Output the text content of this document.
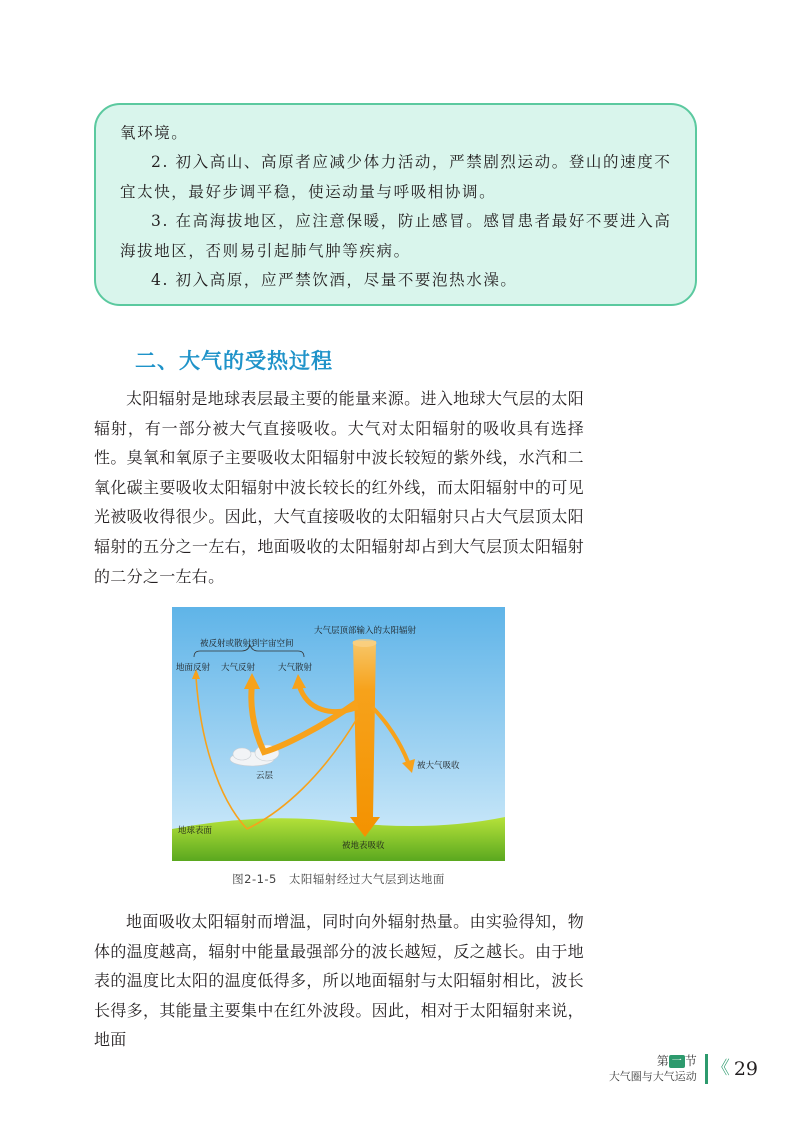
氧环境。

2. 初入高山、高原者应减少体力活动，严禁剧烈运动。登山的速度不宜太快，最好步调平稳，使运动量与呼吸相协调。

3. 在高海拔地区，应注意保暖，防止感冒。感冒患者最好不要进入高海拔地区，否则易引起肺气肿等疾病。

4. 初入高原，应严禁饮酒，尽量不要泡热水澡。

二、大气的受热过程

太阳辐射是地球表层最主要的能量来源。进入地球大气层的太阳辐射，有一部分被大气直接吸收。大气对太阳辐射的吸收具有选择性。臭氧和氧原子主要吸收太阳辐射中波长较短的紫外线，水汽和二氧化碳主要吸收太阳辐射中波长较长的红外线，而太阳辐射中的可见光被吸收得很少。因此，大气直接吸收的太阳辐射只占大气层顶太阳辐射的五分之一左右，地面吸收的太阳辐射却占到大气层顶太阳辐射的二分之一左右。

大气层顶部输入的太阳辐射
被反射或散射到宇宙空间
地面反射 大气反射	大气散射
被大气吸收
云层
地球表面
被地表吸收
图2-1-5　太阳辐射经过大气层到达地面

地面吸收太阳辐射而增温，同时向外辐射热量。由实验得知，物体的温度越高，辐射中能量最强部分的波长越短，反之越长。由于地表的温度比太阳的温度低得多，所以地面辐射与太阳辐射相比，波长长得多，其能量主要集中在红外波段。因此，相对于太阳辐射来说，地面

第 一 节
大气圈与大气运动 《 29
